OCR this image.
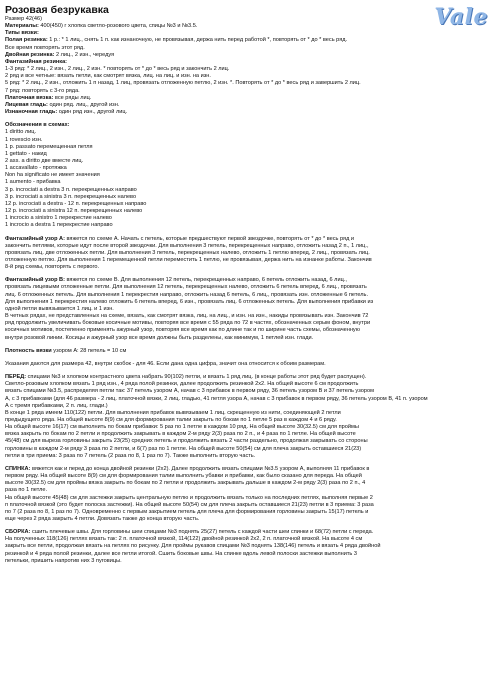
Vale
Розовая безрукавка
Размер 42(46)
Материалы: 400(450) г хлопка светло-розового цвета, спицы №3 и №3.5.
Типы вязки:
Полая резинка: 1 р.: * 1 лиц., снять 1 п. как изнаночную, не провязывая, держа нить перед работой *, повторять от * до * весь ряд.
Все время повторять этот ряд.
Двойная резинка: 2 лиц., 2 изн., чередуя
Фантазийная резинка:
1-3 ряд: * 2 лиц., 2 изн., 2 лиц., 2 изн. * повторять от * до * весь ряд и закончить 2 лиц.
2 ряд и все четные: вязать петли, как смотрят вязка, лиц. на лиц. и изн. на изн.
5 ряд: * 2 лиц., 2 изн., отложить 1 п назад, 1 лиц, провязать отложенную петлю, 2 изн. *. Повторять от * до * весь ряд и завершить 2 лиц.
7 ряд: повторять с 3-го ряда.
Платочная вязка: все ряды лиц.
Лицевая гладь: один ряд. лиц., другой изн.
Изнаночная гладь: один ряд изн., другой лиц.
Обозначения в схемах:
1 diritto лиц.
1 rovescio изн.
1 p. passato перемещенная петля
1 gettato - накид
2 ass. a diritto две вместе лиц.
1 accavallato - протяжка
Non ha significato не имеет значения
1 aumento - прибавка
3 p. incrociati a destra 3 п. перекрещенных направо
3 p. incrociati a sinistra 3 п. перекрещенных налево
12 p. incrociati a destra - 12 п. перекрещенных направо
12 p. incrociati a sinistra 12 п. перекрещенных налево
1 incrocio a sinistro 1 перекрестие налево
1 incrocio a destra 1 перекрестие направо
Фантазийный узор А: вяжется по схеме А. Начать с петель, которые предшествуют первой звездочке, повторять от * до * весь ряд и
закончить петлями, которые идут после второй звездочки. Для выполнения 3 петель, перекрещенных направо, отложить назад 2 п., 1 лиц.,
провязать лиц. две отложенных петли. Для выполнения 3 петель, перекрещенных налево, отложить 1 петлю вперед, 2 лиц., провязать лиц.
отложенную петлю. Для выполнения 1 перемещенной петли переместить 1 петлю, не провязывая, держа нить на изнанке работы. Закончив
8-й ряд схемы, повторять с первого.
Фантазийный узор В: вяжется по схеме В. Для выполнения 12 петель, перекрещенных направо, 6 петель отложить назад, 6 лиц.,
провязать лицевыми отложенные петли. Для выполнения 12 петель, перекрещенных налево, отложить 6 петель вперед, 6 лиц., провязать
лиц. 6 отложенных петель. Для выполнения 1 перекрестия направо, отложить назад 6 петель, 6 лиц., провязать изн. отложенные 6 петель.
Для выполнения 1 перекрестия налево отложить 6 петель вперед, 6 изн., провязать лиц. 6 отложенных петель. Для выполнения прибавки из
одной петли вывязывается 1 лиц. и 1 изн.
В четных рядах, не представленных на схеме, вязать, как смотрят вязка, лиц. на лиц., и изн. на изн., накиды провязывать изн. Закончив 72
ряд продолжить увеличивать боковые косичные мотивы, повторяя все время с 55 ряда по 72 в частях, обозначенных серым фоном, внутри
косичных мотивов, постепенно применять ажурный узор, повторяя все время как по длине так и по ширине часть схемы, обозначенную
внутри розовой линии. Косицы и ажурный узор все время должны быть разделены, как минимум, 1 петлей изн. глади.
Плотность вязки узором А: 28 петель = 10 см
Указания даются для размера 42, внутри скобок - для 46. Если дана одна цифра, значит она относится к обоим размерам.
ПЕРЕД: спицами №3 и хлопком контрастного цвета набрать 90(102) петли, и вязать 1 ряд лиц. (в конце работы этот ряд будет распущен).
Светло-розовым хлопком вязать 1 ряд изн., 4 ряда полой резинки, далее продолжить резинкой 2х2. На общей высоте 6 см продолжить
вязать спицами №3.5, распределяя петли так: 37 петель узором А, начав с 3 прибавок в первом ряду, 36 петель узором В и 37 петель узором
А, с 3 прибавками (для 46 размера - 2 лиц. платочной вязки, 2 лиц. гладью, 41 петля узора А, начав с 3 прибавок в первом ряду, 36 петель узором В, 41 п. узором
А с тремя прибавками, 2 п. лиц. глади.)
В конце 1 ряда имеем 110(122) петли. Для выполнения прибавок вывязываем 1 лиц. скрещенную из нити, соединяющей 2 петли
предыдущего ряда. На общей высоте 8(9) см для формирования талии закрыть по бокам по 1 петле 5 раз в каждом 4 и 6 ряду.
На общей высоте 16(17) см выполнить по бокам прибавки: 5 раз по 1 петле в каждом 10 ряд. На общей высоте 30(32.5) см для проймы
вязка закрыть по бокам по 2 петли и продолжить закрывать в каждом 2-м ряду 2(3) раза по 2 п., и 4 раза по 1 петле. На общей высоте
45(48) см для выреза горловины закрыть 23(25) средних петель и продолжить вязать 2 части раздельно, продолжая закрывать со стороны
горловины в каждом 2-м ряду 3 раза по 2 петли, и 6(7) раз по 1 петле. На общей высоте 50(54) см для плеча закрыть оставшиеся 21(23)
петли в три приема: 3 раза по 7 петель (2 раза по 8, 1 раз по 7). Также выполнить вторую часть.
СПИНКА: вяжется как и перед до конца двойной резинки (2х2). Далее продолжить вязать спицами №3.5 узором А, выполняя 11 прибавок в
первом ряду. На общей высоте 8(9) см для формирования талии выполнить убавки и прибавки, как было сказано для переда. На общей
высоте 30(32.5) см для проймы вязка закрыть по бокам по 2 петли и продолжить закрывать дальше в каждом 2-м ряду 2(3) раза по 2 п., 4
раза по 1 петле.
На общей высоте 45(48) см для застежки закрыть центральную петлю и продолжить вязать только на последних петлях, выполняя первые 2
п платочной вязкой (это будет полоска застежки). На общей высоте 50(54) см для плеча закрыть оставшиеся 21(23) петли в 3 приема: 3 раза
по 7 (2 раза по 8, 1 раз по 7). Одновременно с первым закрытием петель для плеча для формирования горловины закрыть 15(17) петель и
еще через 2 ряда закрыть 4 петли. Довязать также до конца вторую часть.
СБОРКА: сшить плечевые швы. Для горловины шеи спицами №3 поднять 25(27) петель с каждой части шеи спинки и 68(72) петли с переда.
На полученных 118(126) петлях вязать так: 2 п. платочной вязкой, 114(122) двойной резинкой 2х2, 2 п. платочной вязкой. На высоте 4 см
закрыть все петли, продолжая вязать на петлях по рисунку. Для проймы рукавов спицами №3 поднять 138(146) петель и вязать 4 ряда двойной
резинкой и 4 ряда полой резинки, далее все петли итогой. Сшить боковые швы. На спинке вдоль левой полоски застежки выполнить 3
петельки, пришить напротив них 3 пуговицы.
